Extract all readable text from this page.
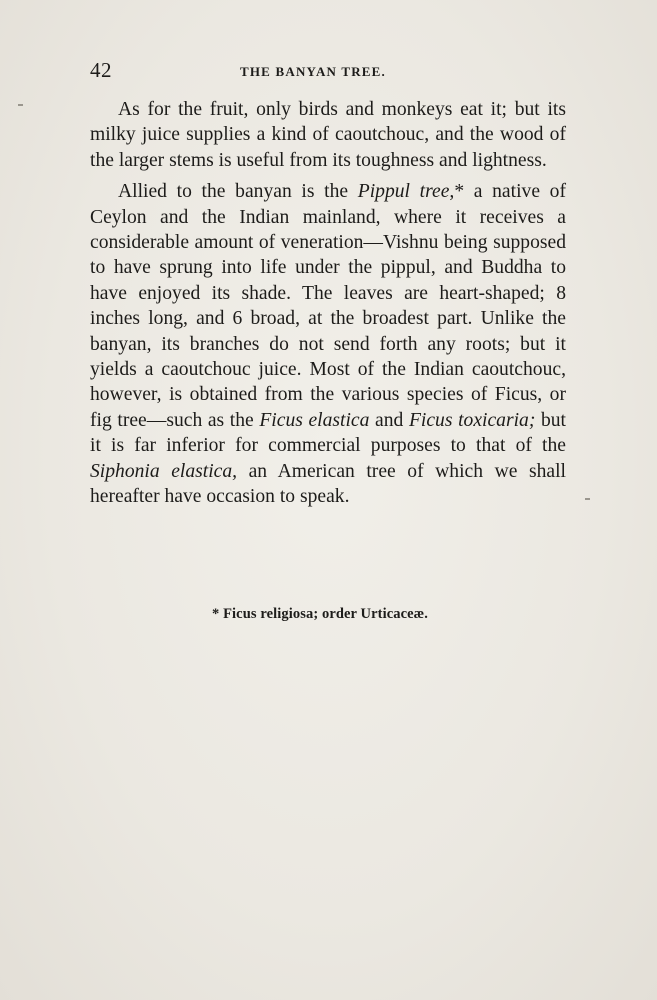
42	THE BANYAN TREE.

As for the fruit, only birds and monkeys eat it; but its milky juice supplies a kind of caoutchouc, and the wood of the larger stems is useful from its toughness and lightness.

Allied to the banyan is the Pippul tree,* a native of Ceylon and the Indian mainland, where it receives a considerable amount of veneration—Vishnu being supposed to have sprung into life under the pippul, and Buddha to have enjoyed its shade. The leaves are heart-shaped; 8 inches long, and 6 broad, at the broadest part. Unlike the banyan, its branches do not send forth any roots; but it yields a caoutchouc juice. Most of the Indian caoutchouc, however, is obtained from the various species of Ficus, or fig tree—such as the Ficus elastica and Ficus toxicaria; but it is far inferior for commercial purposes to that of the Siphonia elastica, an American tree of which we shall hereafter have occasion to speak.

* Ficus religiosa; order Urticaceæ.
